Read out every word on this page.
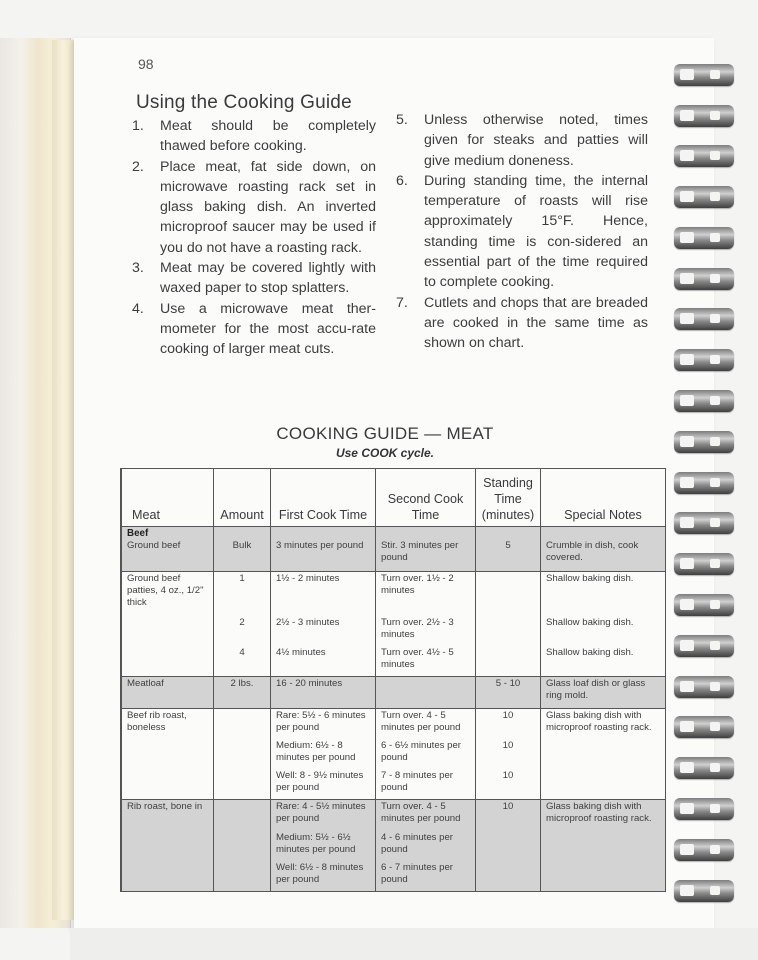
98
Using the Cooking Guide
1.	Meat should be completely thawed before cooking.
2.	Place meat, fat side down, on microwave roasting rack set in glass baking dish. An inverted microproof saucer may be used if you do not have a roasting rack.
3.	Meat may be covered lightly with waxed paper to stop splatters.
4.	Use a microwave meat ther-mometer for the most accu-rate cooking of larger meat cuts.
5.	Unless otherwise noted, times given for steaks and patties will give medium doneness.
6.	During standing time, the internal temperature of roasts will rise approximately 15°F. Hence, standing time is con-sidered an essential part of the time required to complete cooking.
7.	Cutlets and chops that are breaded are cooked in the same time as shown on chart.
COOKING GUIDE — MEAT
Use COOK cycle.
Meat	Amount	First Cook Time	Second Cook Time	Standing Time (minutes)	Special Notes

Beef
Ground beef	Bulk	3 minutes per pound	Stir. 3 minutes per pound	5	Crumble in dish, cook covered.

Ground beef patties, 4 oz., 1/2" thick	1	1½ - 2 minutes	Turn over. 1½ - 2 minutes		Shallow baking dish.
	2	2½ - 3 minutes	Turn over. 2½ - 3 minutes		Shallow baking dish.
	4	4½ minutes	Turn over. 4½ - 5 minutes		Shallow baking dish.
Meatloaf	2 lbs.	16 - 20 minutes		5 - 10	Glass loaf dish or glass ring mold.
Beef rib roast, boneless		Rare: 5½ - 6 minutes per pound	Turn over. 4 - 5 minutes per pound	10	Glass baking dish with microproof roasting rack.
		Medium: 6½ - 8 minutes per pound	6 - 6½ minutes per pound	10	
		Well: 8 - 9½ minutes per pound	7 - 8 minutes per pound	10	
Rib roast, bone in		Rare: 4 - 5½ minutes per pound	Turn over. 4 - 5 minutes per pound	10	Glass baking dish with microproof roasting rack.
		Medium: 5½ - 6½ minutes per pound	4 - 6 minutes per pound		
		Well: 6½ - 8 minutes per pound	6 - 7 minutes per pound		
